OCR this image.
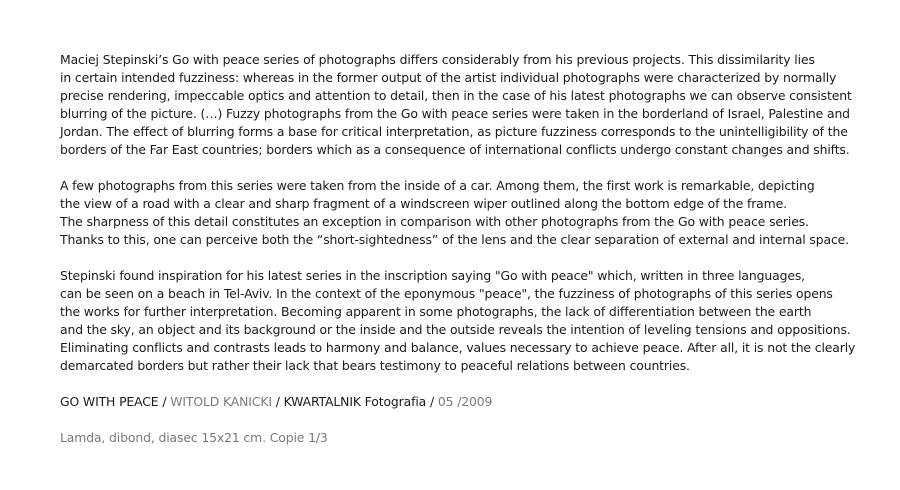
Maciej Stepinski’s Go with peace series of photographs differs considerably from his previous projects. This dissimilarity lies
in certain intended fuzziness: whereas in the former output of the artist individual photographs were characterized by normally
precise rendering, impeccable optics and attention to detail, then in the case of his latest photographs we can observe consistent
blurring of the picture. (…) Fuzzy photographs from the Go with peace series were taken in the borderland of Israel, Palestine and
Jordan. The effect of blurring forms a base for critical interpretation, as picture fuzziness corresponds to the unintelligibility of the
borders of the Far East countries; borders which as a consequence of international conflicts undergo constant changes and shifts.

A few photographs from this series were taken from the inside of a car. Among them, the first work is remarkable, depicting
the view of a road with a clear and sharp fragment of a windscreen wiper outlined along the bottom edge of the frame.
The sharpness of this detail constitutes an exception in comparison with other photographs from the Go with peace series.
Thanks to this, one can perceive both the “short-sightedness” of the lens and the clear separation of external and internal space.

Stepinski found inspiration for his latest series in the inscription saying "Go with peace" which, written in three languages,
can be seen on a beach in Tel-Aviv. In the context of the eponymous "peace", the fuzziness of photographs of this series opens
the works for further interpretation. Becoming apparent in some photographs, the lack of differentiation between the earth
and the sky, an object and its background or the inside and the outside reveals the intention of leveling tensions and oppositions.
Eliminating conflicts and contrasts leads to harmony and balance, values necessary to achieve peace. After all, it is not the clearly
demarcated borders but rather their lack that bears testimony to peaceful relations between countries.

GO WITH PEACE / WITOLD KANICKI / KWARTALNIK Fotografia / 05 /2009

Lamda, dibond, diasec 15x21 cm. Copie 1/3
